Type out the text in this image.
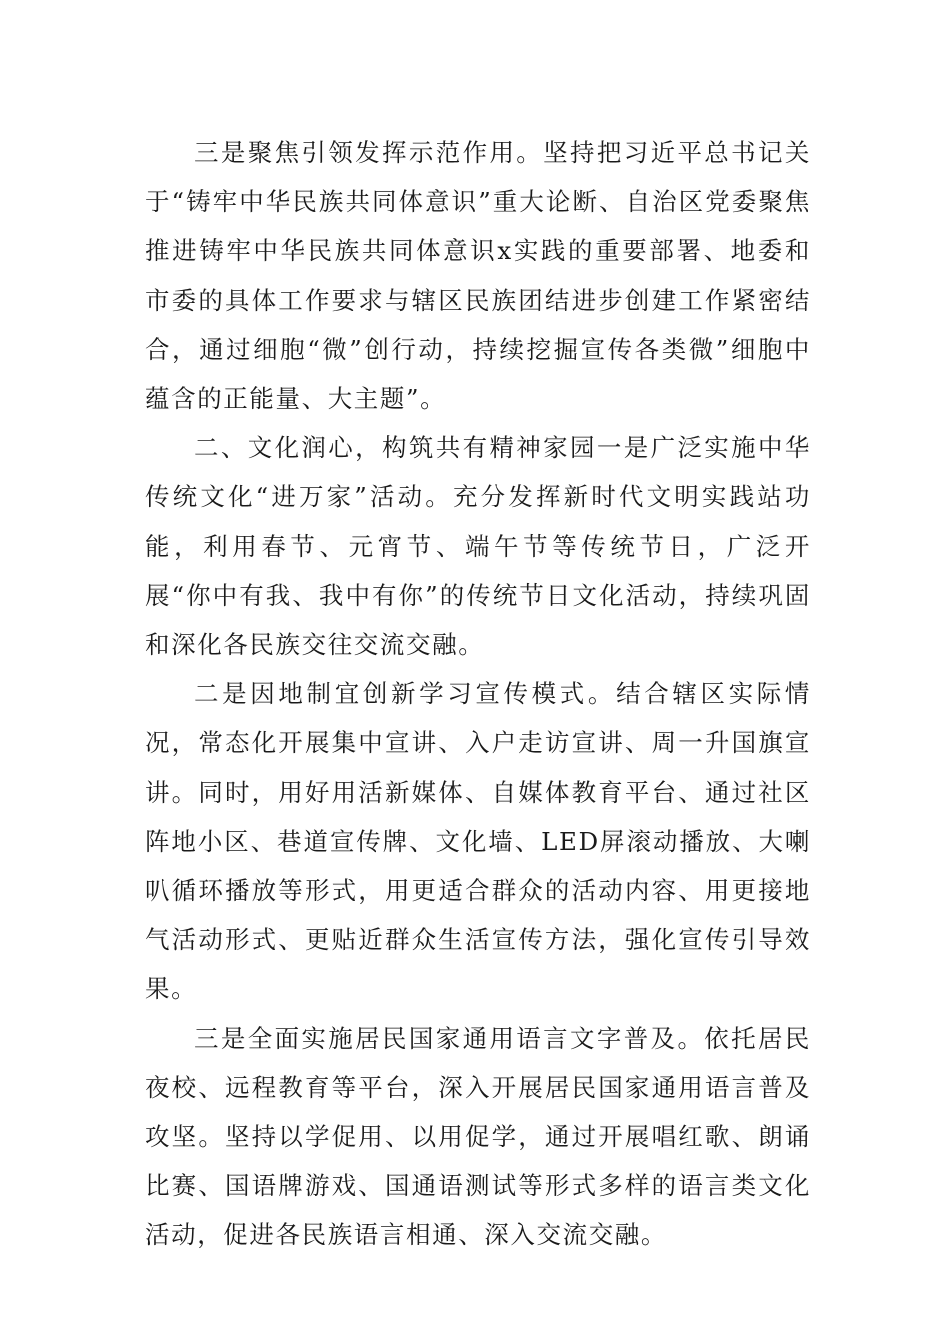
三是聚焦引领发挥示范作用。坚持把习近平总书记关于“铸牢中华民族共同体意识”重大论断、自治区党委聚焦推进铸牢中华民族共同体意识x实践的重要部署、地委和市委的具体工作要求与辖区民族团结进步创建工作紧密结合，通过细胞“微”创行动，持续挖掘宣传各类微”细胞中蕴含的正能量、大主题”。

二、文化润心，构筑共有精神家园一是广泛实施中华传统文化“进万家”活动。充分发挥新时代文明实践站功能，利用春节、元宵节、端午节等传统节日，广泛开展“你中有我、我中有你”的传统节日文化活动，持续巩固和深化各民族交往交流交融。

二是因地制宜创新学习宣传模式。结合辖区实际情况，常态化开展集中宣讲、入户走访宣讲、周一升国旗宣讲。同时，用好用活新媒体、自媒体教育平台、通过社区阵地小区、巷道宣传牌、文化墙、LED屏滚动播放、大喇叭循环播放等形式，用更适合群众的活动内容、用更接地气活动形式、更贴近群众生活宣传方法，强化宣传引导效果。

三是全面实施居民国家通用语言文字普及。依托居民夜校、远程教育等平台，深入开展居民国家通用语言普及攻坚。坚持以学促用、以用促学，通过开展唱红歌、朗诵比赛、国语牌游戏、国通语测试等形式多样的语言类文化活动，促进各民族语言相通、深入交流交融。
